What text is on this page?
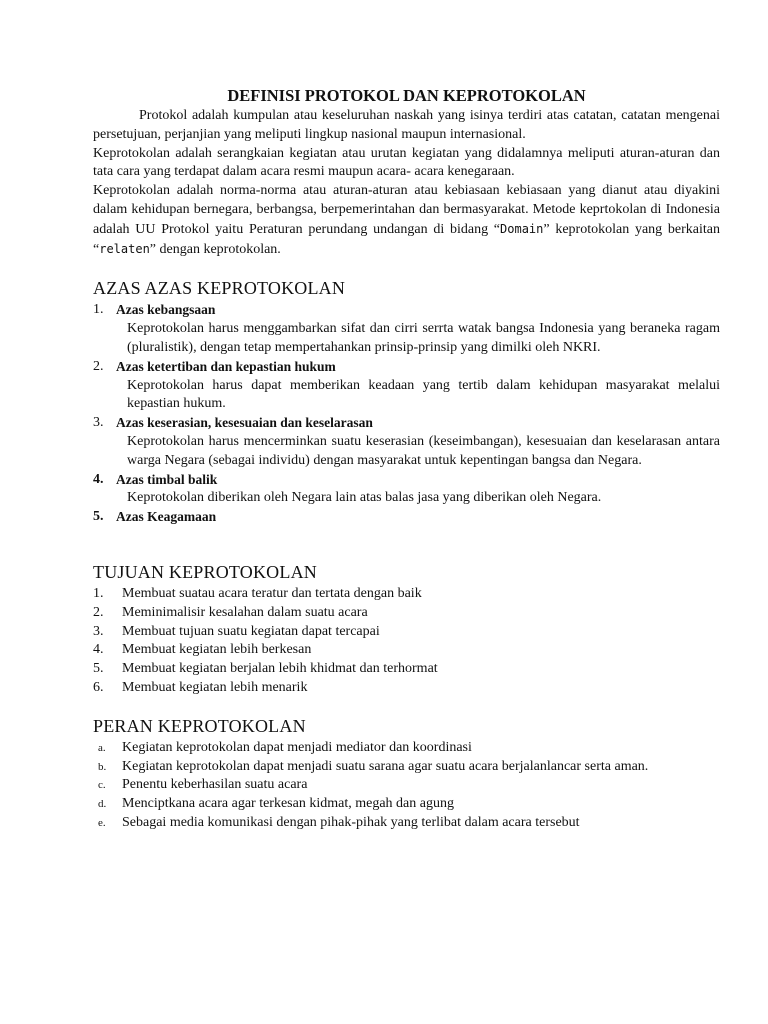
DEFINISI PROTOKOL DAN KEPROTOKOLAN

Protokol adalah kumpulan atau keseluruhan naskah yang isinya terdiri atas catatan, catatan mengenai persetujuan, perjanjian yang meliputi lingkup nasional maupun internasional.

Keprotokolan adalah serangkaian kegiatan atau urutan kegiatan yang didalamnya meliputi aturan-aturan dan tata cara yang terdapat dalam acara resmi maupun acara- acara kenegaraan.

Keprotokolan adalah norma-norma atau aturan-aturan atau kebiasaan kebiasaan yang dianut atau diyakini dalam kehidupan bernegara, berbangsa, berpemerintahan dan bermasyarakat. Metode keprtokolan di Indonesia adalah UU Protokol yaitu Peraturan perundang undangan di bidang “Domain” keprotokolan yang berkaitan “relaten” dengan keprotokolan.

AZAS AZAS KEPROTOKOLAN
1. Azas kebangsaan
Keprotokolan harus menggambarkan sifat dan cirri serrta watak bangsa Indonesia yang beraneka ragam (pluralistik), dengan tetap mempertahankan prinsip-prinsip yang dimilki oleh NKRI.
2. Azas ketertiban dan kepastian hukum
Keprotokolan harus dapat memberikan keadaan yang tertib dalam kehidupan masyarakat melalui kepastian hukum.
3. Azas keserasian, kesesuaian dan keselarasan
Keprotokolan harus mencerminkan suatu keserasian (keseimbangan), kesesuaian dan keselarasan antara warga Negara (sebagai individu) dengan masyarakat untuk kepentingan bangsa dan Negara.
4. Azas timbal balik
Keprotokolan diberikan oleh Negara lain atas balas jasa yang diberikan oleh Negara.
5. Azas Keagamaan
TUJUAN KEPROTOKOLAN
1.	Membuat suatau acara teratur dan tertata dengan baik
2.	Meminimalisir kesalahan dalam suatu acara
3.	Membuat tujuan suatu kegiatan dapat tercapai
4.	Membuat kegiatan lebih berkesan
5.	Membuat kegiatan berjalan lebih khidmat dan terhormat
6.	Membuat kegiatan lebih menarik
PERAN KEPROTOKOLAN
a.	Kegiatan keprotokolan dapat menjadi mediator dan koordinasi
b.	Kegiatan keprotokolan dapat menjadi suatu sarana agar suatu acara berjalanlancar serta aman.
c.	Penentu keberhasilan suatu acara
d.	Menciptkana acara agar terkesan kidmat, megah dan agung
e.	Sebagai media komunikasi dengan pihak-pihak yang terlibat dalam acara tersebut
